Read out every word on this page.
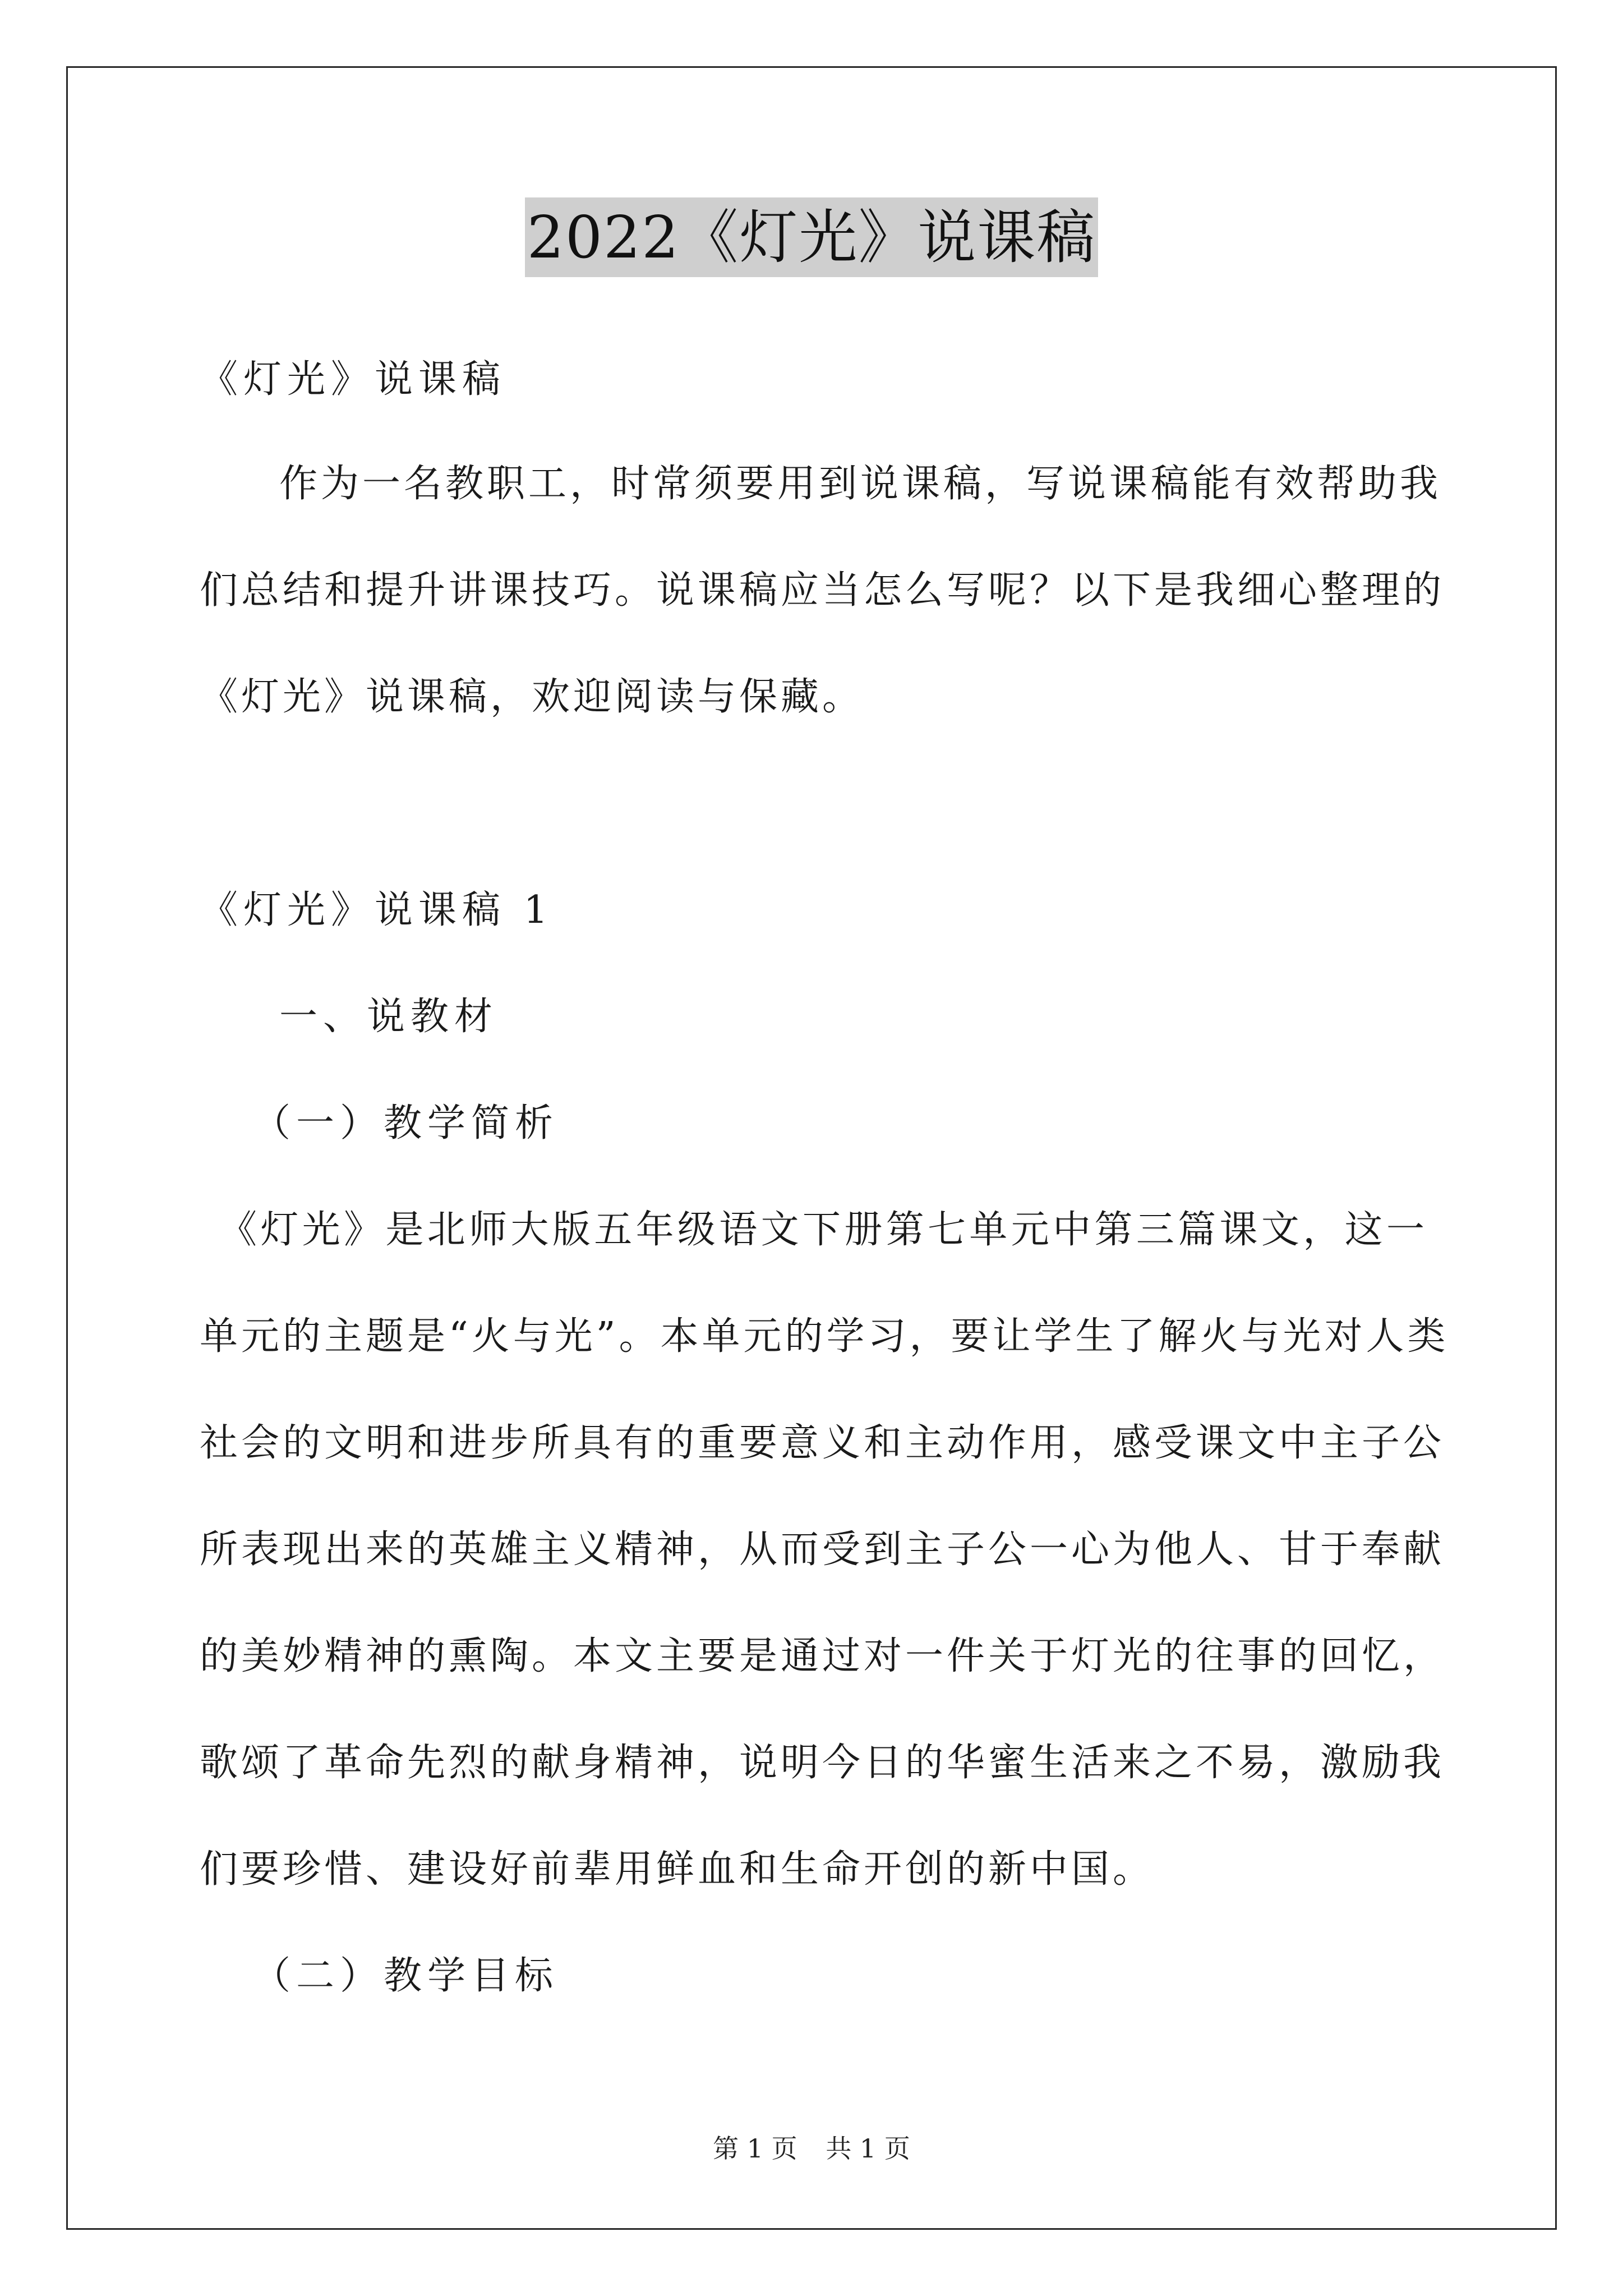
2022《灯光》说课稿
《灯光》说课稿
作为一名教职工，时常须要用到说课稿，写说课稿能有效帮助我
们总结和提升讲课技巧。说课稿应当怎么写呢？以下是我细心整理的
《灯光》说课稿，欢迎阅读与保藏。
《灯光》说课稿 1
一、说教材
（一）教学简析
《灯光》是北师大版五年级语文下册第七单元中第三篇课文，这一
单元的主题是“火与光”。本单元的学习，要让学生了解火与光对人类
社会的文明和进步所具有的重要意义和主动作用，感受课文中主子公
所表现出来的英雄主义精神，从而受到主子公一心为他人、甘于奉献
的美妙精神的熏陶。本文主要是通过对一件关于灯光的往事的回忆，
歌颂了革命先烈的献身精神，说明今日的华蜜生活来之不易，激励我
们要珍惜、建设好前辈用鲜血和生命开创的新中国。
（二）教学目标
第 1 页 共 1 页
